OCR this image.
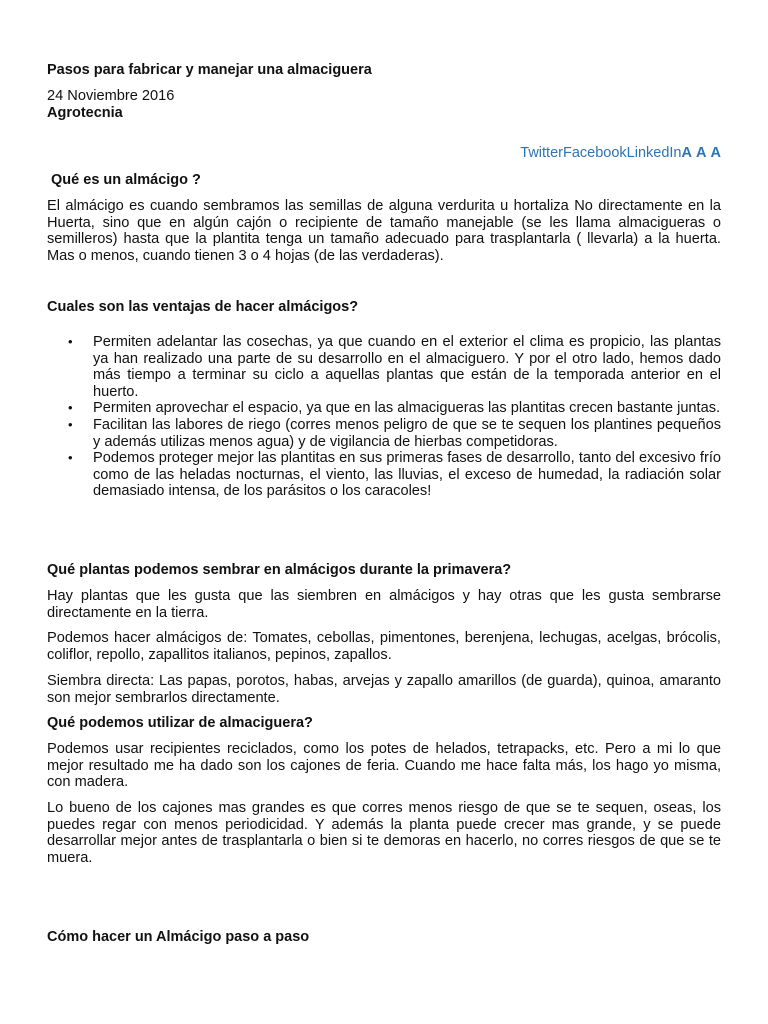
Pasos para fabricar y manejar una almaciguera
24 Noviembre 2016
Agrotecnia
TwitterFacebookLinkedInA A A
Qué es un almácigo ?

El almácigo es cuando sembramos las semillas de alguna verdurita u hortaliza No directamente en la Huerta, sino que en algún cajón o recipiente de tamaño manejable (se les llama almacigueras o semilleros) hasta que la plantita tenga un tamaño adecuado para trasplantarla ( llevarla) a la huerta. Mas o menos, cuando tienen 3 o 4 hojas (de las verdaderas).

Cuales son las ventajas de hacer almácigos?
• Permiten adelantar las cosechas, ya que cuando en el exterior el clima es propicio, las plantas ya han realizado una parte de su desarrollo en el almaciguero. Y por el otro lado, hemos dado más tiempo a terminar su ciclo a aquellas plantas que están de la temporada anterior en el huerto.
• Permiten aprovechar el espacio, ya que en las almacigueras las plantitas crecen bastante juntas.
• Facilitan las labores de riego (corres menos peligro de que se te sequen los plantines pequeños y además utilizas menos agua) y de vigilancia de hierbas competidoras.
• Podemos proteger mejor las plantitas en sus primeras fases de desarrollo, tanto del excesivo frío como de las heladas nocturnas, el viento, las lluvias, el exceso de humedad, la radiación solar demasiado intensa, de los parásitos o los caracoles!
Qué plantas podemos sembrar en almácigos durante la primavera?

Hay plantas que les gusta que las siembren en almácigos y hay otras que les gusta sembrarse directamente en la tierra.

Podemos hacer almácigos de: Tomates, cebollas, pimentones, berenjena, lechugas, acelgas, brócolis, coliflor, repollo, zapallitos italianos, pepinos, zapallos.

Siembra directa: Las papas, porotos, habas, arvejas y zapallo amarillos (de guarda), quinoa, amaranto son mejor sembrarlos directamente.

Qué podemos utilizar de almaciguera?

Podemos usar recipientes reciclados, como los potes de helados, tetrapacks, etc. Pero a mi lo que mejor resultado me ha dado son los cajones de feria. Cuando me hace falta más, los hago yo misma, con madera.

Lo bueno de los cajones mas grandes es que corres menos riesgo de que se te sequen, oseas, los puedes regar con menos periodicidad. Y además la planta puede crecer mas grande, y se puede desarrollar mejor antes de trasplantarla o bien si te demoras en hacerlo, no corres riesgos de que se te muera.

Cómo hacer un Almácigo paso a paso
